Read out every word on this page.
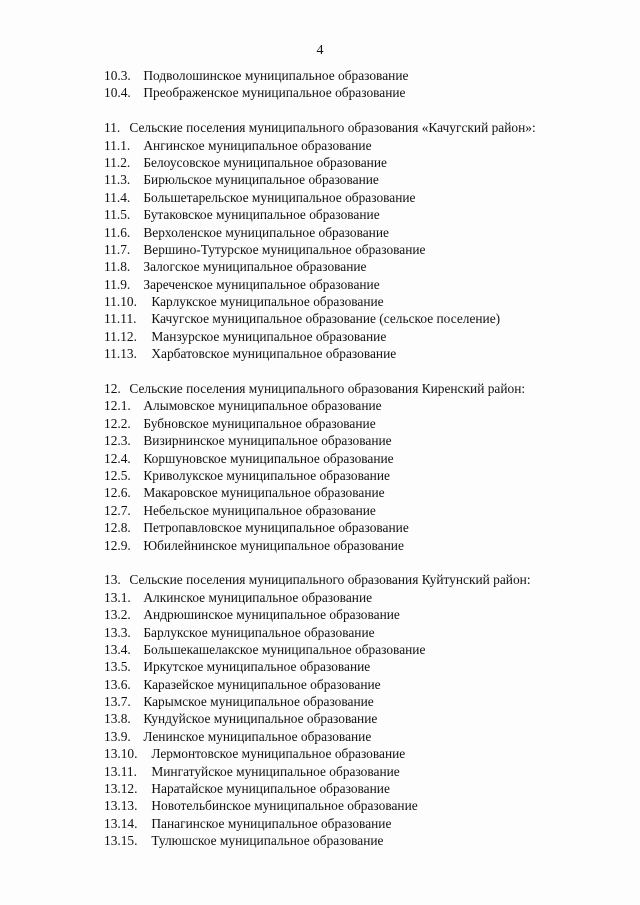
4
10.3. Подволошинское муниципальное образование
10.4. Преображенское муниципальное образование
11. Сельские поселения муниципального образования «Качугский район»:
11.1. Ангинское муниципальное образование
11.2. Белоусовское муниципальное образование
11.3. Бирюльское муниципальное образование
11.4. Большетарельское муниципальное образование
11.5. Бутаковское муниципальное образование
11.6. Верхоленское муниципальное образование
11.7. Вершино-Тутурское муниципальное образование
11.8. Залогское муниципальное образование
11.9. Зареченское муниципальное образование
11.10. Карлукское муниципальное образование
11.11. Качугское муниципальное образование (сельское поселение)
11.12. Манзурское муниципальное образование
11.13. Харбатовское муниципальное образование
12. Сельские поселения муниципального образования Киренский район:
12.1. Алымовское муниципальное образование
12.2. Бубновское муниципальное образование
12.3. Визирнинское муниципальное образование
12.4. Коршуновское муниципальное образование
12.5. Криволукское муниципальное образование
12.6. Макаровское муниципальное образование
12.7. Небельское муниципальное образование
12.8. Петропавловское муниципальное образование
12.9. Юбилейнинское муниципальное образование
13. Сельские поселения муниципального образования Куйтунский район:
13.1. Алкинское муниципальное образование
13.2. Андрюшинское муниципальное образование
13.3. Барлукское муниципальное образование
13.4. Большекашелакское муниципальное образование
13.5. Иркутское муниципальное образование
13.6. Каразейское муниципальное образование
13.7. Карымское муниципальное образование
13.8. Кундуйское муниципальное образование
13.9. Ленинское муниципальное образование
13.10. Лермонтовское муниципальное образование
13.11. Мингатуйское муниципальное образование
13.12. Наратайское муниципальное образование
13.13. Новотельбинское муниципальное образование
13.14. Панагинское муниципальное образование
13.15. Тулюшское муниципальное образование
